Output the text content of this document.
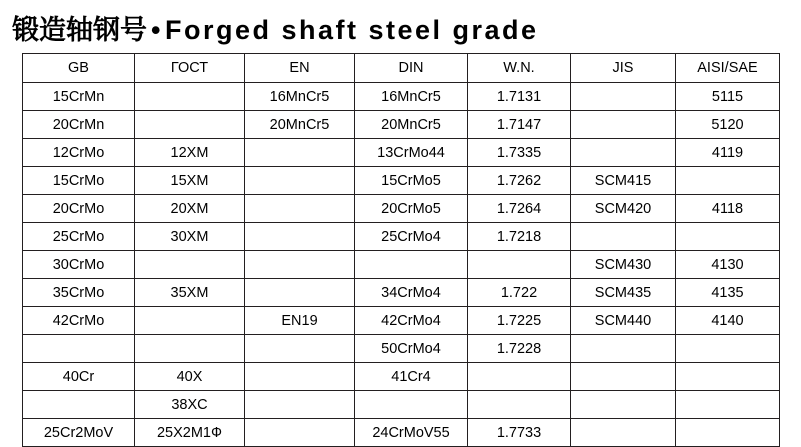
锻造轴钢号 • Forged shaft steel grade
GB	ГОСТ	EN	DIN	W.N.	JIS	AISI/SAE
15CrMn		16MnCr5	16MnCr5	1.7131		5115
20CrMn		20MnCr5	20MnCr5	1.7147		5120
12CrMo	12XM		13CrMo44	1.7335		4119
15CrMo	15XM		15CrMo5	1.7262	SCM415	
20CrMo	20XM		20CrMo5	1.7264	SCM420	4118
25CrMo	30XM		25CrMo4	1.7218		
30CrMo					SCM430	4130
35CrMo	35XM		34CrMo4	1.722	SCM435	4135
42CrMo		EN19	42CrMo4	1.7225	SCM440	4140
			50CrMo4	1.7228		
40Cr	40X		41Cr4			
	38XC					
25Cr2MoV	25X2M1Ф		24CrMoV55	1.7733		
